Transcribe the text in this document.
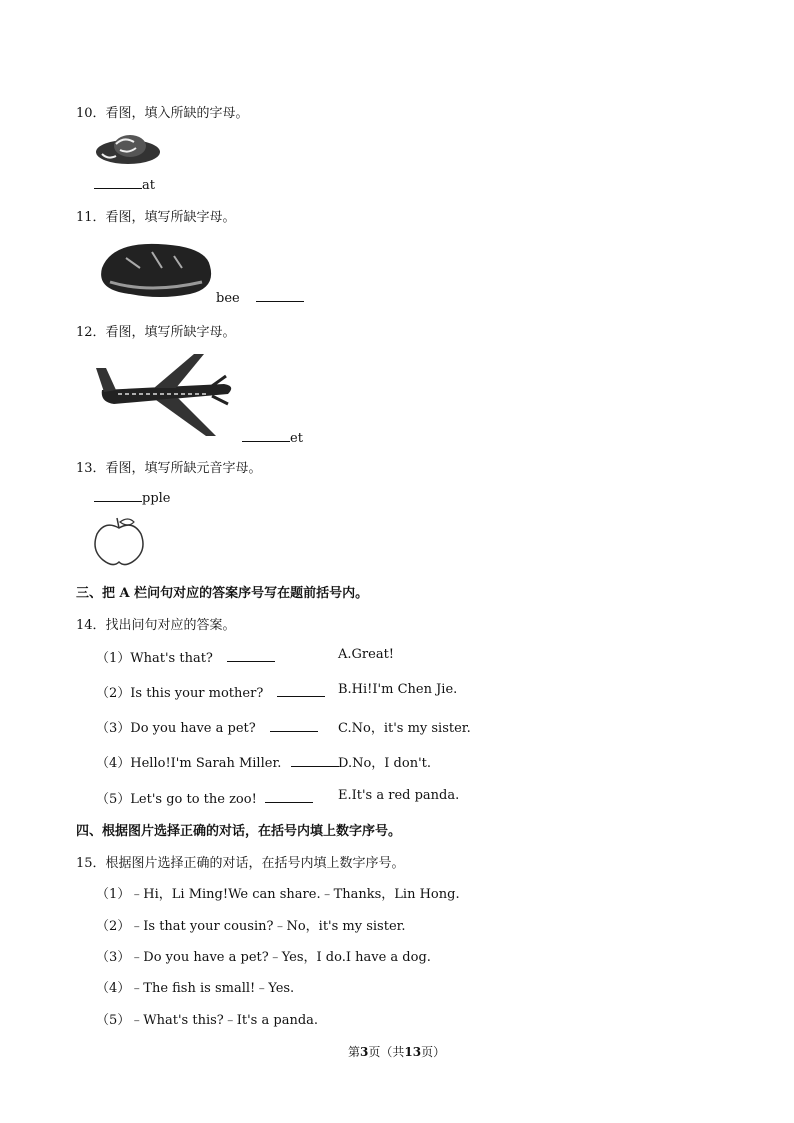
10．看图，填入所缺的字母。
at
11．看图，填写所缺字母。
bee
12．看图，填写所缺字母。
et
13．看图，填写所缺元音字母。
pple
三、把 A 栏问句对应的答案序号写在题前括号内。
14．找出问句对应的答案。
（1）What's that?	A.Great!
（2）Is this your mother?	B.Hi!I'm Chen Jie.
（3）Do you have a pet?	C.No，it's my sister.
（4）Hello!I'm Sarah Miller.	D.No，I don't.
（5）Let's go to the zoo!	E.It's a red panda.
四、根据图片选择正确的对话，在括号内填上数字序号。
15．根据图片选择正确的对话，在括号内填上数字序号。
（1）﹣Hi，Li Ming!We can share.﹣Thanks，Lin Hong.
（2）﹣Is that your cousin?﹣No，it's my sister.
（3）﹣Do you have a pet?﹣Yes，I do.I have a dog.
（4）﹣The fish is small!﹣Yes.
（5）﹣What's this?﹣It's a panda.
第3页（共13页）
